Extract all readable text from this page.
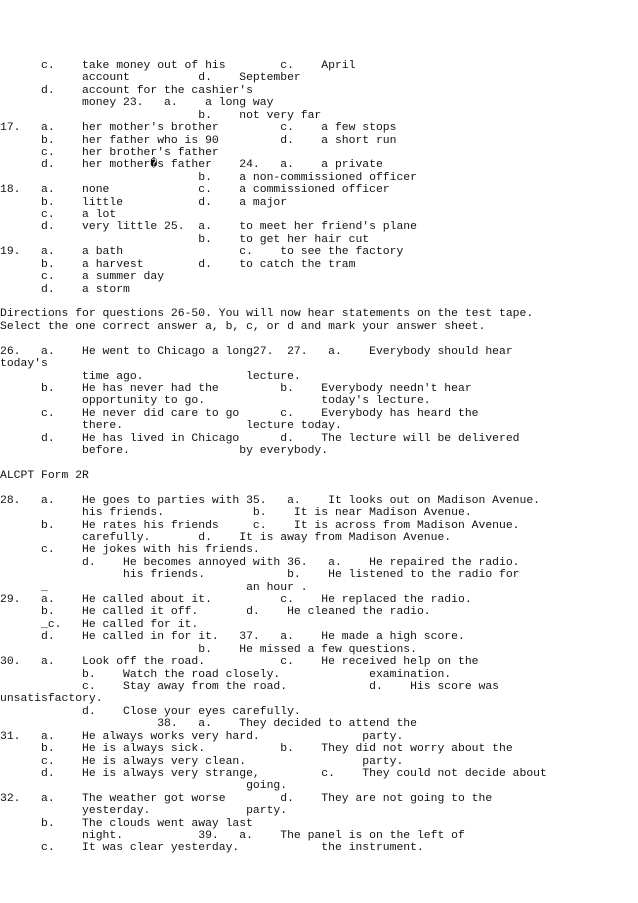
c.    take money out of his        c.    April
account          d.    September
d.    account for the cashier's
money 23.   a.    a long way
b.    not very far
17.   a.    her mother's brother         c.    a few stops
b.    her father who is 90         d.    a short run
c.    her brother's father
d.    her mother�s father    24.   a.    a private
b.    a non-commissioned officer
18.   a.    none             c.    a commissioned officer
b.    little           d.    a major
c.    a lot
d.    very little 25.  a.    to meet her friend's plane
b.    to get her hair cut
19.   a.    a bath                 c.    to see the factory
b.    a harvest        d.    to catch the tram
c.    a summer day
d.    a storm
Directions for questions 26-50. You will now hear statements on the test tape.
Select the one correct answer a, b, c, or d and mark your answer sheet.
26.   a.    He went to Chicago a long27.  27.   a.    Everybody should hear
today's
time ago.               lecture.
b.    He has never had the         b.    Everybody needn't hear
opportunity to go.                 today's lecture.
c.    He never did care to go      c.    Everybody has heard the
there.                  lecture today.
d.    He has lived in Chicago      d.    The lecture will be delivered
before.                by everybody.
ALCPT Form 2R
28.   a.    He goes to parties with 35.   a.    It looks out on Madison Avenue.
his friends.             b.    It is near Madison Avenue.
b.    He rates his friends     c.    It is across from Madison Avenue.
carefully.       d.    It is away from Madison Avenue.
c.    He jokes with his friends.
d.    He becomes annoyed with 36.   a.    He repaired the radio.
his friends.            b.    He listened to the radio for
_                             an hour .
29.   a.    He called about it.          c.    He replaced the radio.
b.    He called it off.       d.    He cleaned the radio.
_c.   He called for it.
d.    He called in for it.   37.   a.    He made a high score.
b.    He missed a few questions.
30.   a.    Look off the road.           c.    He received help on the
b.    Watch the road closely.             examination.
c.    Stay away from the road.            d.    His score was
unsatisfactory.
d.    Close your eyes carefully.
38.   a.    They decided to attend the
31.   a.    He always works very hard.               party.
b.    He is always sick.           b.    They did not worry about the
c.    He is always very clean.                 party.
d.    He is always very strange,         c.    They could not decide about
going.
32.   a.    The weather got worse        d.    They are not going to the
yesterday.              party.
b.    The clouds went away last
night.           39.   a.    The panel is on the left of
c.    It was clear yesterday.            the instrument.
